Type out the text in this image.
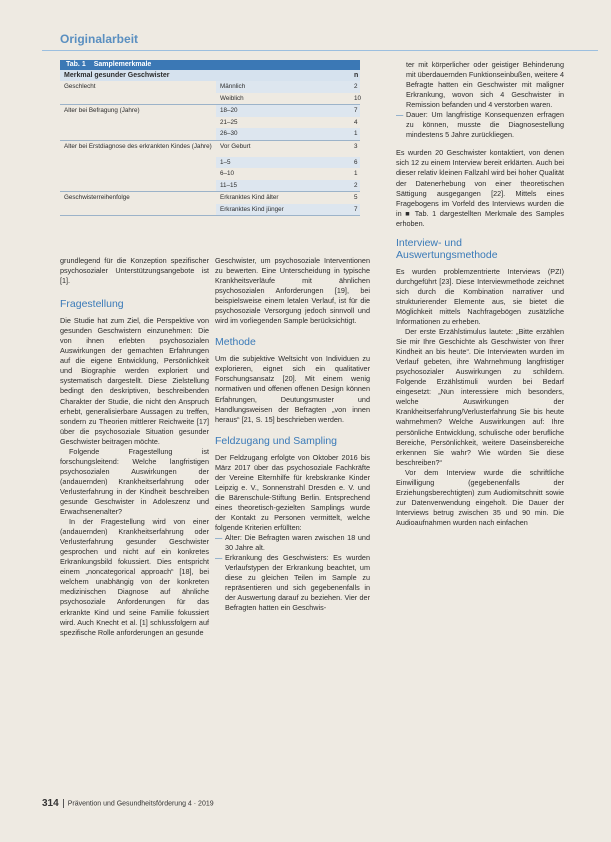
Originalarbeit
Tab. 1 Samplemerkmale
Merkmal gesunder Geschwister	n
Geschlecht	Männlich	2
Weiblich	10
Alter bei Befragung (Jahre)	18–20	7
21–25	4
26–30	1
Alter bei Erstdiagnose des erkrankten Kindes (Jahre)	Vor Geburt	3
1–5	6
6–10	1
11–15	2
Geschwisterreihenfolge	Erkranktes Kind älter	5
Erkranktes Kind jünger	7

grundlegend für die Konzeption spezifischer psychosozialer Unterstützungsangebote ist [1].

Fragestellung

Die Studie hat zum Ziel, die Perspektive von gesunden Geschwistern einzunehmen: Die von ihnen erlebten psychosozialen Auswirkungen der gemachten Erfahrungen auf die eigene Entwicklung, Persönlichkeit und Biographie werden exploriert und systematisch dargestellt. Diese Zielstellung bedingt den deskriptiven, beschreibenden Charakter der Studie, die nicht den Anspruch erhebt, generalisierbare Aussagen zu treffen, sondern zu Theorien mittlerer Reichweite [17] über die psychosoziale Situation gesunder Geschwister beitragen möchte.

Folgende Fragestellung ist forschungsleitend: Welche langfristigen psychosozialen Auswirkungen der (andauernden) Krankheitserfahrung oder Verlusterfahrung in der Kindheit beschreiben gesunde Geschwister in Adoleszenz und Erwachsenenalter?

In der Fragestellung wird von einer (andauernden) Krankheitserfahrung oder Verlusterfahrung gesunder Geschwister gesprochen und nicht auf ein konkretes Erkrankungsbild fokussiert. Dies entspricht einem „noncategorical approach“ [18], bei welchem unabhängig von der konkreten medizinischen Diagnose auf ähnliche psychosoziale Anforderungen für das erkrankte Kind und seine Familie fokussiert wird. Auch Knecht et al. [1] schlussfolgern auf spezifische Rolle anforderungen an gesunde

Geschwister, um psychosoziale Interventionen zu bewerten. Eine Unterscheidung in typische Krankheitsverläufe mit ähnlichen psychosozialen Anforderungen [19], bei beispielsweise einem letalen Verlauf, ist für die psychosoziale Versorgung jedoch sinnvoll und wird im vorliegenden Sample berücksichtigt.

Methode

Um die subjektive Weltsicht von Individuen zu explorieren, eignet sich ein qualitativer Forschungsansatz [20]. Mit einem wenig normativen und offenen offenen Design können Erfahrungen, Deutungsmuster und Handlungsweisen der Befragten „von innen heraus“ [21, S. 15] beschrieben werden.

Feldzugang und Sampling

Der Feldzugang erfolgte von Oktober 2016 bis März 2017 über das psychosoziale Fachkräfte der Vereine Elternhilfe für krebskranke Kinder Leipzig e. V., Sonnenstrahl Dresden e. V. und die Bärenschule-Stiftung Berlin. Entsprechend eines theoretisch-gezielten Samplings wurde der Kontakt zu Personen vermittelt, welche folgende Kriterien erfüllten:

— Alter: Die Befragten waren zwischen 18 und 30 Jahre alt.
— Erkrankung des Geschwisters: Es wurden Verlaufstypen der Erkrankung beachtet, um diese zu gleichen Teilen im Sample zu repräsentieren und sich gegebenenfalls in der Auswertung darauf zu beziehen. Vier der Befragten hatten ein Geschwis-

ter mit körperlicher oder geistiger Behinderung mit überdauernden Funktionseinbußen, weitere 4 Befragte hatten ein Geschwister mit maligner Erkrankung, wovon sich 4 Geschwister in Remission befanden und 4 verstorben waren.

— Dauer: Um langfristige Konsequenzen erfragen zu können, musste die Diagnosestellung mindestens 5 Jahre zurückliegen.

Es wurden 20 Geschwister kontaktiert, von denen sich 12 zu einem Interview bereit erklärten. Auch bei dieser relativ kleinen Fallzahl wird bei hoher Qualität der Datenerhebung von einer theoretischen Sättigung ausgegangen [22]. Mittels eines Fragebogens im Vorfeld des Interviews wurden die in ■ Tab. 1 dargestellten Merkmale des Samples erhoben.

Interview- und Auswertungsmethode

Es wurden problemzentrierte Interviews (PZI) durchgeführt [23]. Diese Interviewmethode zeichnet sich durch die Kombination narrativer und strukturierender Elemente aus, sie bietet die Möglichkeit mittels Nachfragebögen zusätzliche Informationen zu erheben.

Der erste Erzählstimulus lautete: „Bitte erzählen Sie mir Ihre Geschichte als Geschwister von Ihrer Kindheit an bis heute“. Die Interviewten wurden im Verlauf gebeten, ihre Wahrnehmung langfristiger psychosozialer Auswirkungen zu schildern. Folgende Erzählstimuli wurden bei Bedarf eingesetzt: „Nun interessiere mich besonders, welche Auswirkungen der Krankheitserfahrung/Verlusterfahrung Sie bis heute wahrnehmen? Welche Auswirkungen auf: Ihre persönliche Entwicklung, schulische oder berufliche Bereiche, Persönlichkeit, weitere Daseinsbereiche erkennen Sie wahr? Wie würden Sie diese beschreiben?“

Vor dem Interview wurde die schriftliche Einwilligung (gegebenenfalls der Erziehungsberechtigten) zum Audiomitschnitt sowie zur Datenverwendung eingeholt. Die Dauer der Interviews betrug zwischen 35 und 90 min. Die Audioaufnahmen wurden nach einfachen

314 Prävention und Gesundheitsförderung 4 · 2019
